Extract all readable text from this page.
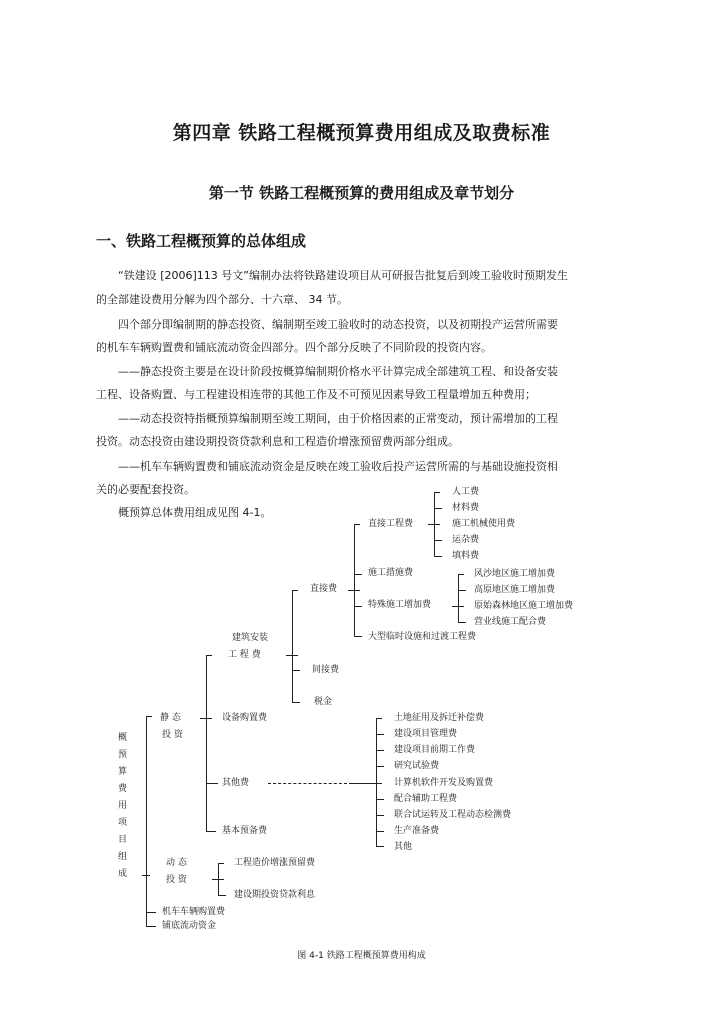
第四章 铁路工程概预算费用组成及取费标准
第一节 铁路工程概预算的费用组成及章节划分
一、铁路工程概预算的总体组成
“铁建设 [2006]113 号文”编制办法将铁路建设项目从可研报告批复后到竣工验收时预期发生
的全部建设费用分解为四个部分、十六章、 34 节。
四个部分即编制期的静态投资、编制期至竣工验收时的动态投资，以及初期投产运营所需要
的机车车辆购置费和铺底流动资金四部分。四个部分反映了不同阶段的投资内容。
——静态投资主要是在设计阶段按概算编制期价格水平计算完成全部建筑工程、和设备安装
工程、设备购置、与工程建设相连带的其他工作及不可预见因素导致工程量增加五种费用；
——动态投资特指概预算编制期至竣工期间，由于价格因素的正常变动，预计需增加的工程
投资。动态投资由建设期投资贷款利息和工程造价增涨预留费两部分组成。
——机车车辆购置费和铺底流动资金是反映在竣工验收后投产运营所需的与基础设施投资相
关的必要配套投资。
概预算总体费用组成见图 4-1。
概
预
算
费
用
项
目
组
成
静 态
投 资
建筑安装
工 程 费
直接费
间接费
税金
直接工程费
施工措施费
特殊施工增加费
大型临时设施和过渡工程费
人工费
材料费
施工机械使用费
运杂费
填料费
风沙地区施工增加费
高原地区施工增加费
原始森林地区施工增加费
营业线施工配合费
设备购置费
其他费
基本预备费
土地征用及拆迁补偿费
建设项目管理费
建设项目前期工作费
研究试验费
计算机软件开发及购置费
配合辅助工程费
联合试运转及工程动态检测费
生产准备费
其他
动 态
投 资
工程造价增涨预留费
建设期投资贷款利息
机车车辆购置费
铺底流动资金
图 4-1 铁路工程概预算费用构成
